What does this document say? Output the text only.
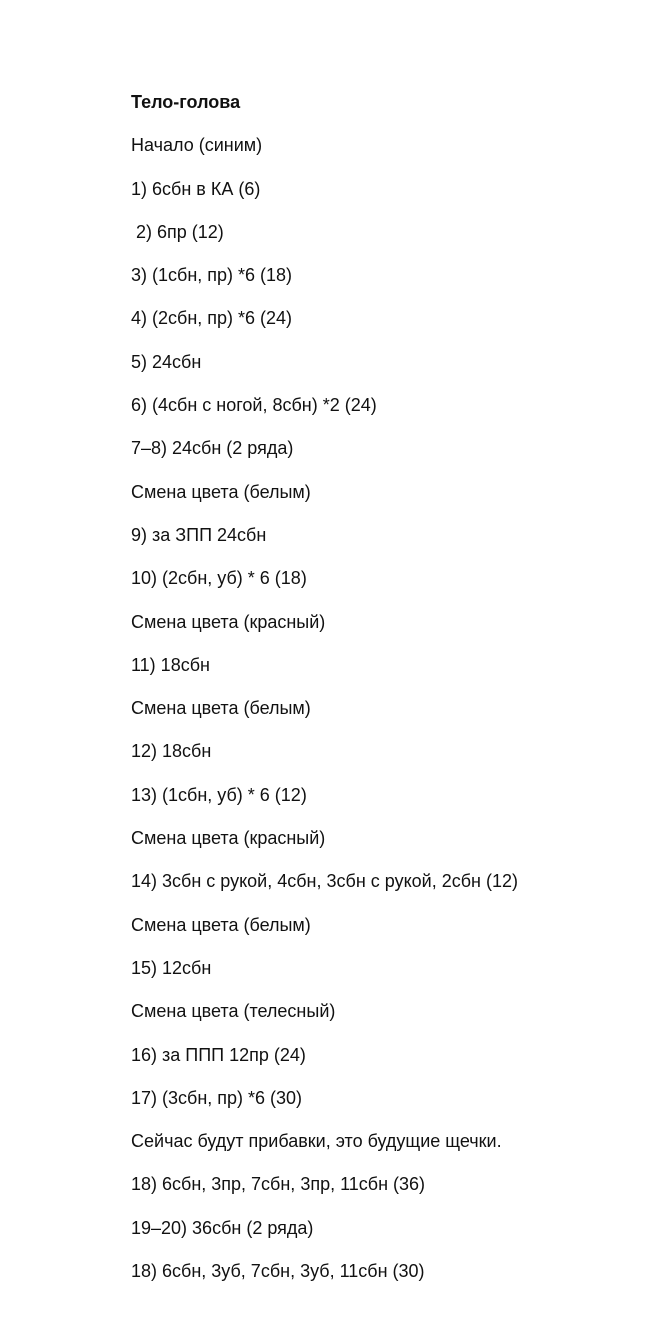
Тело-голова
Начало (синим)
1) 6сбн в КА (6)
2) 6пр (12)
3) (1сбн, пр) *6 (18)
4) (2сбн, пр) *6 (24)
5) 24сбн
6) (4сбн с ногой, 8сбн) *2 (24)
7–8) 24сбн (2 ряда)
Смена цвета (белым)
9) за ЗПП 24сбн
10) (2сбн, уб) * 6 (18)
Смена цвета (красный)
11) 18сбн
Смена цвета (белым)
12) 18сбн
13) (1сбн, уб) * 6 (12)
Смена цвета (красный)
14) 3сбн с рукой, 4сбн, 3сбн с рукой, 2сбн (12)
Смена цвета (белым)
15) 12сбн
Смена цвета (телесный)
16) за ППП 12пр (24)
17) (3сбн, пр) *6 (30)
Сейчас будут прибавки, это будущие щечки.
18) 6сбн, 3пр, 7сбн, 3пр, 11сбн (36)
19–20) 36сбн (2 ряда)
18) 6сбн, 3уб, 7сбн, 3уб, 11сбн (30)
